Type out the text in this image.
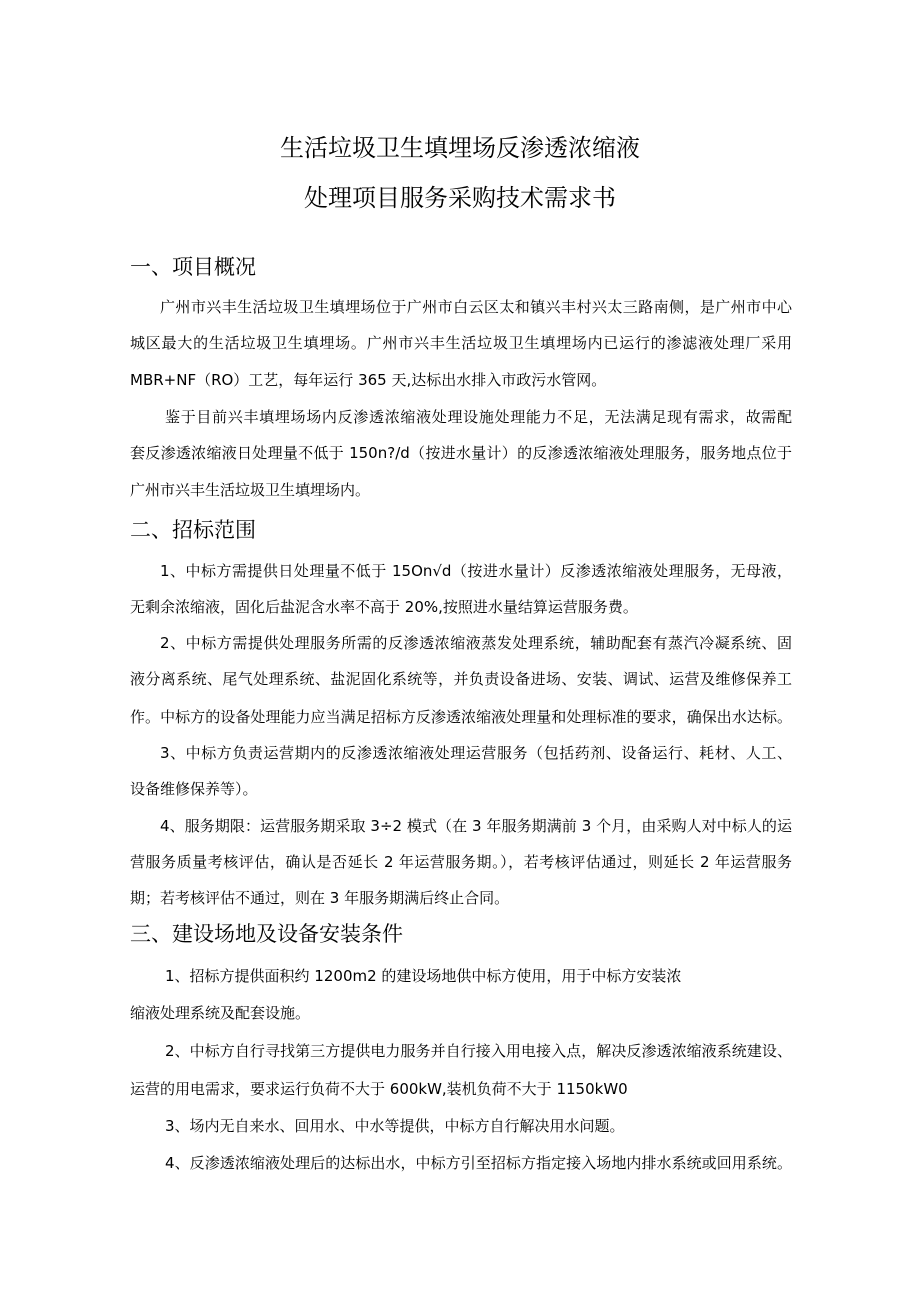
生活垃圾卫生填埋场反渗透浓缩液
处理项目服务采购技术需求书
一、项目概况
广州市兴丰生活垃圾卫生填埋场位于广州市白云区太和镇兴丰村兴太三路南侧，是广州市中心
城区最大的生活垃圾卫生填埋场。广州市兴丰生活垃圾卫生填埋场内已运行的渗滤液处理厂采用
MBR+NF（RO）工艺，每年运行 365 天,达标出水排入市政污水管网。
鉴于目前兴丰填埋场场内反渗透浓缩液处理设施处理能力不足，无法满足现有需求，故需配
套反渗透浓缩液日处理量不低于 150n?/d（按进水量计）的反渗透浓缩液处理服务，服务地点位于
广州市兴丰生活垃圾卫生填埋场内。
二、招标范围
1、中标方需提供日处理量不低于 15On√d（按进水量计）反渗透浓缩液处理服务，无母液，
无剩余浓缩液，固化后盐泥含水率不高于 20%,按照进水量结算运营服务费。
2、中标方需提供处理服务所需的反渗透浓缩液蒸发处理系统，辅助配套有蒸汽冷凝系统、固
液分离系统、尾气处理系统、盐泥固化系统等，并负责设备进场、安装、调试、运营及维修保养工
作。中标方的设备处理能力应当满足招标方反渗透浓缩液处理量和处理标准的要求，确保出水达标。
3、中标方负责运营期内的反渗透浓缩液处理运营服务（包括药剂、设备运行、耗材、人工、
设备维修保养等）。
4、服务期限：运营服务期采取 3÷2 模式（在 3 年服务期满前 3 个月，由采购人对中标人的运
营服务质量考核评估，确认是否延长 2 年运营服务期。），若考核评估通过，则延长 2 年运营服务
期；若考核评估不通过，则在 3 年服务期满后终止合同。
三、建设场地及设备安装条件
1、招标方提供面积约 1200m2 的建设场地供中标方使用，用于中标方安装浓
缩液处理系统及配套设施。
2、中标方自行寻找第三方提供电力服务并自行接入用电接入点，解决反渗透浓缩液系统建设、
运营的用电需求，要求运行负荷不大于 600kW,装机负荷不大于 1150kW0
3、场内无自来水、回用水、中水等提供，中标方自行解决用水问题。
4、反渗透浓缩液处理后的达标出水，中标方引至招标方指定接入场地内排水系统或回用系统。
